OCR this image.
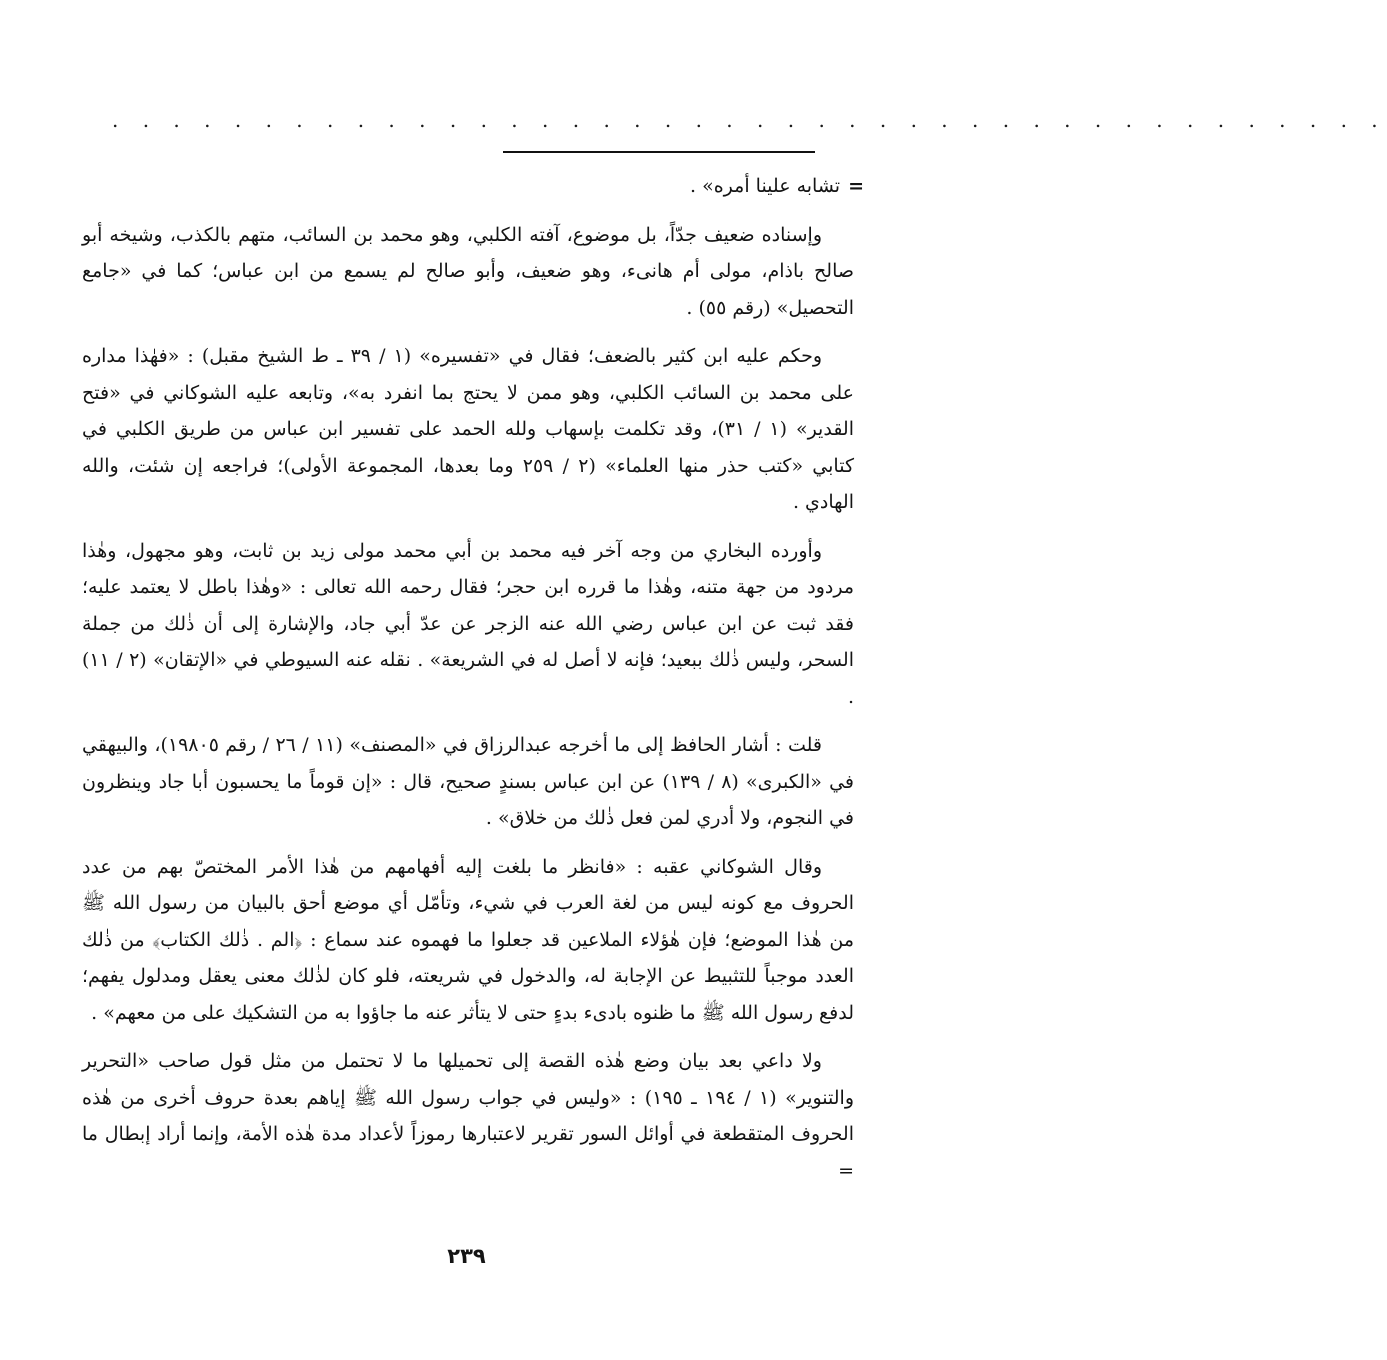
. . . . . . . . . . . . . . . . . . . . . . . . . . . . . . . . . . . . . . . . . .

=تشابه علينا أمره» .

وإسناده ضعيف جدّاً، بل موضوع، آفته الكلبي، وهو محمد بن السائب، متهم بالكذب، وشيخه أبو صالح باذام، مولى أم هانىء، وهو ضعيف، وأبو صالح لم يسمع من ابن عباس؛ كما في «جامع التحصيل» (رقم ٥٥) .

وحكم عليه ابن كثير بالضعف؛ فقال في «تفسيره» (١ / ٣٩ ـ ط الشيخ مقبل) : «فهٰذا مداره على محمد بن السائب الكلبي، وهو ممن لا يحتج بما انفرد به»، وتابعه عليه الشوكاني في «فتح القدير» (١ / ٣١)، وقد تكلمت بإسهاب ولله الحمد على تفسير ابن عباس من طريق الكلبي في كتابي «كتب حذر منها العلماء» (٢ / ٢٥٩ وما بعدها، المجموعة الأولى)؛ فراجعه إن شئت، والله الهادي .

وأورده البخاري من وجه آخر فيه محمد بن أبي محمد مولى زيد بن ثابت، وهو مجهول، وهٰذا مردود من جهة متنه، وهٰذا ما قرره ابن حجر؛ فقال رحمه الله تعالى : «وهٰذا باطل لا يعتمد عليه؛ فقد ثبت عن ابن عباس رضي الله عنه الزجر عن عدّ أبي جاد، والإشارة إلى أن ذٰلك من جملة السحر، وليس ذٰلك ببعيد؛ فإنه لا أصل له في الشريعة» . نقله عنه السيوطي في «الإتقان» (٢ / ١١) .

قلت : أشار الحافظ إلى ما أخرجه عبدالرزاق في «المصنف» (١١ / ٢٦ / رقم ١٩٨٠٥)، والبيهقي في «الكبرى» (٨ / ١٣٩) عن ابن عباس بسندٍ صحيح، قال : «إن قوماً ما يحسبون أبا جاد وينظرون في النجوم، ولا أدري لمن فعل ذٰلك من خلاق» .

وقال الشوكاني عقبه : «فانظر ما بلغت إليه أفهامهم من هٰذا الأمر المختصّ بهم من عدد الحروف مع كونه ليس من لغة العرب في شيء، وتأمّل أي موضع أحق بالبيان من رسول الله ﷺ من هٰذا الموضع؛ فإن هٰؤلاء الملاعين قد جعلوا ما فهموه عند سماع : ﴿الم . ذٰلك الكتاب﴾ من ذٰلك العدد موجباً للتثبيط عن الإجابة له، والدخول في شريعته، فلو كان لذٰلك معنى يعقل ومدلول يفهم؛ لدفع رسول الله ﷺ ما ظنوه بادىء بدءٍ حتى لا يتأثر عنه ما جاؤوا به من التشكيك على من معهم» .

ولا داعي بعد بيان وضع هٰذه القصة إلى تحميلها ما لا تحتمل من مثل قول صاحب «التحرير والتنوير» (١ / ١٩٤ ـ ١٩٥) : «وليس في جواب رسول الله ﷺ إياهم بعدة حروف أخرى من هٰذه الحروف المتقطعة في أوائل السور تقرير لاعتبارها رموزاً لأعداد مدة هٰذه الأمة، وإنما أراد إبطال ما =

٢٣٩
